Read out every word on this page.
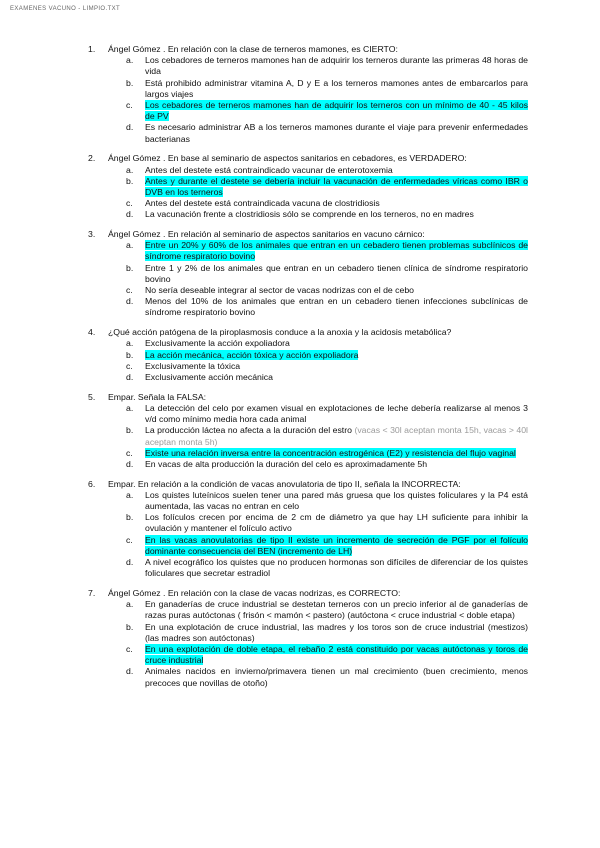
EXAMENES VACUNO - LIMPIO.TXT
1. Ángel Gómez . En relación con la clase de terneros mamones, es CIERTO:
a. Los cebadores de terneros mamones han de adquirir los terneros durante las primeras 48 horas de vida
b. Está prohibido administrar vitamina A, D y E a los terneros mamones antes de embarcarlos para largos viajes
c. Los cebadores de terneros mamones han de adquirir los terneros con un mínimo de 40 - 45 kilos de PV
d. Es necesario administrar AB a los terneros mamones durante el viaje para prevenir enfermedades bacterianas
2. Ángel Gómez . En base al seminario de aspectos sanitarios en cebadores, es VERDADERO:
a. Antes del destete está contraindicado vacunar de enterotoxemia
b. Antes y durante el destete se debería incluir la vacunación de enfermedades víricas como IBR o DVB en los terneros
c. Antes del destete está contraindicada vacuna de clostridiosis
d. La vacunación frente a clostridiosis sólo se comprende en los terneros, no en madres
3. Ángel Gómez . En relación al seminario de aspectos sanitarios en vacuno cárnico:
a. Entre un 20% y 60% de los animales que entran en un cebadero tienen problemas subclínicos de síndrome respiratorio bovino
b. Entre 1 y 2% de los animales que entran en un cebadero tienen clínica de síndrome respiratorio bovino
c. No sería deseable integrar al sector de vacas nodrizas con el de cebo
d. Menos del 10% de los animales que entran en un cebadero tienen infecciones subclínicas de síndrome respiratorio bovino
4. ¿Qué acción patógena de la piroplasmosis conduce a la anoxia y la acidosis metabólica?
a. Exclusivamente la acción expoliadora
b. La acción mecánica, acción tóxica y acción expoliadora
c. Exclusivamente la tóxica
d. Exclusivamente acción mecánica
5. Empar. Señala la FALSA:
a. La detección del celo por examen visual en explotaciones de leche debería realizarse al menos 3 v/d como mínimo media hora cada animal
b. La producción láctea no afecta a la duración del estro (vacas < 30l aceptan monta 15h, vacas > 40l aceptan monta 5h)
c. Existe una relación inversa entre la concentración estrogénica (E2) y resistencia del flujo vaginal
d. En vacas de alta producción la duración del celo es aproximadamente 5h
6. Empar. En relación a la condición de vacas anovulatoria de tipo II, señala la INCORRECTA:
a. Los quistes luteínicos suelen tener una pared más gruesa que los quistes foliculares y la P4 está aumentada, las vacas no entran en celo
b. Los folículos crecen por encima de 2 cm de diámetro ya que hay LH suficiente para inhibir la ovulación y mantener el folículo activo
c. En las vacas anovulatorias de tipo II existe un incremento de secreción de PGF por el folículo dominante consecuencia del BEN (incremento de LH)
d. A nivel ecográfico los quistes que no producen hormonas son difíciles de diferenciar de los quistes foliculares que secretar estradiol
7. Ángel Gómez . En relación con la clase de vacas nodrizas, es CORRECTO:
a. En ganaderías de cruce industrial se destetan terneros con un precio inferior al de ganaderías de razas puras autóctonas ( frisón < mamón < pastero) (autóctona < cruce industrial < doble etapa)
b. En una explotación de cruce industrial, las madres y los toros son de cruce industrial (mestizos) (las madres son autóctonas)
c. En una explotación de doble etapa, el rebaño 2 está constituido por vacas autóctonas y toros de cruce industrial
d. Animales nacidos en invierno/primavera tienen un mal crecimiento (buen crecimiento, menos precoces que novillas de otoño)
